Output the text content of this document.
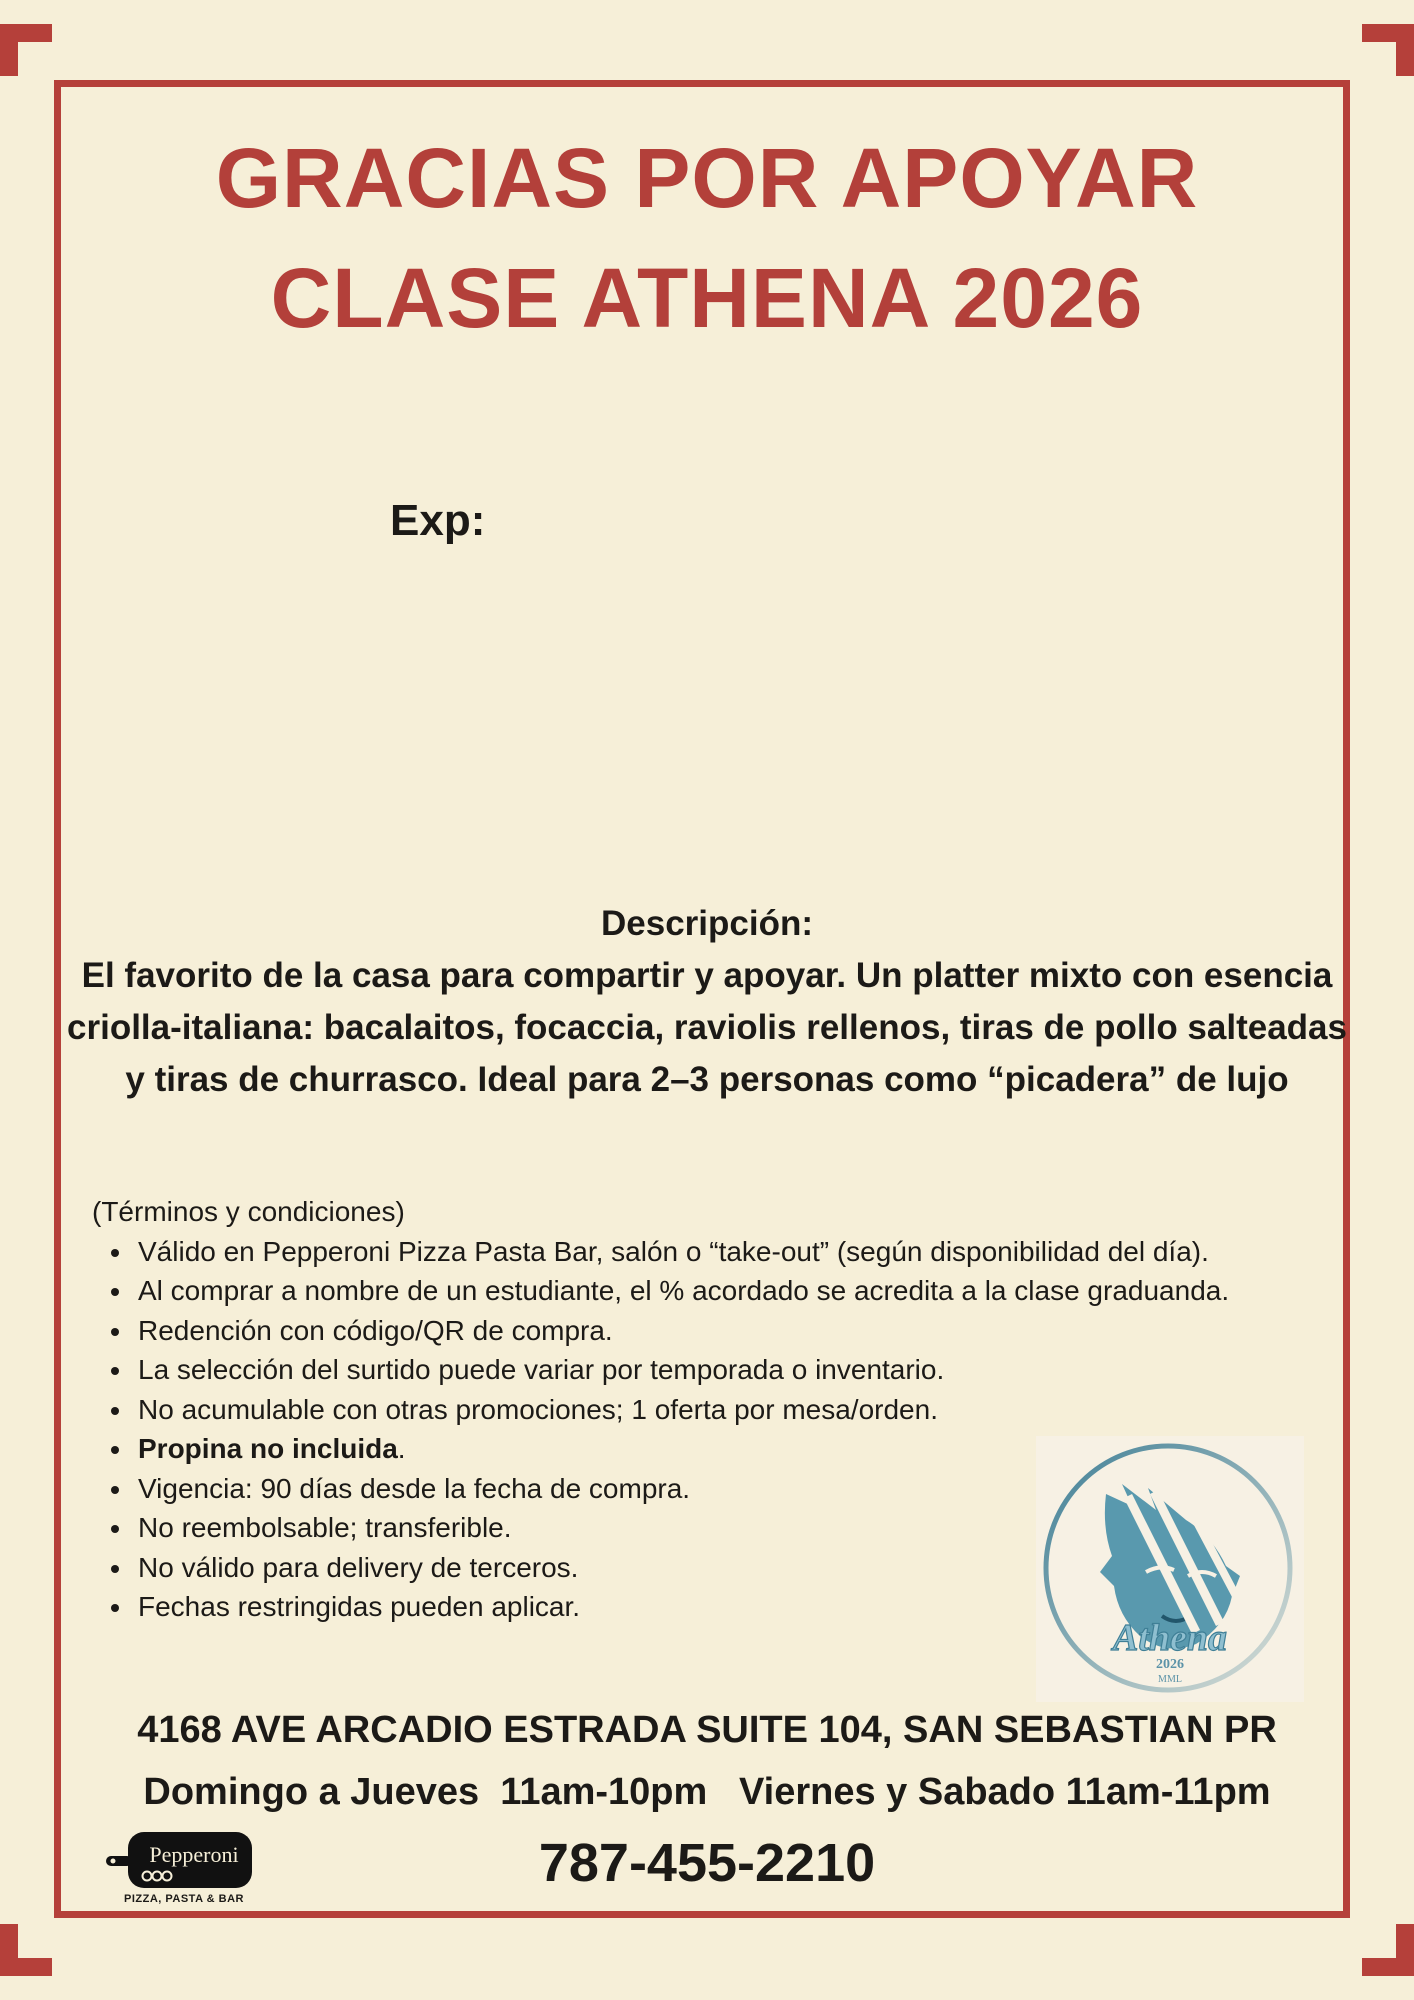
GRACIAS POR APOYAR
CLASE ATHENA 2026
Exp:
Descripción:
El favorito de la casa para compartir y apoyar. Un platter mixto con esencia criolla-italiana: bacalaitos, focaccia, raviolis rellenos, tiras de pollo salteadas y tiras de churrasco. Ideal para 2–3 personas como “picadera” de lujo
(Términos y condiciones)
• Válido en Pepperoni Pizza Pasta Bar, salón o “take-out” (según disponibilidad del día).
• Al comprar a nombre de un estudiante, el % acordado se acredita a la clase graduanda.
• Redención con código/QR de compra.
• La selección del surtido puede variar por temporada o inventario.
• No acumulable con otras promociones; 1 oferta por mesa/orden.
• Propina no incluida.
• Vigencia: 90 días desde la fecha de compra.
• No reembolsable; transferible.
• No válido para delivery de terceros.
• Fechas restringidas pueden aplicar.
Athena
2026
MML
4168 AVE ARCADIO ESTRADA SUITE 104, SAN SEBASTIAN PR
Domingo a Jueves  11am-10pm   Viernes y Sabado 11am-11pm
787-455-2210
Pepperoni
PIZZA, PASTA & BAR
